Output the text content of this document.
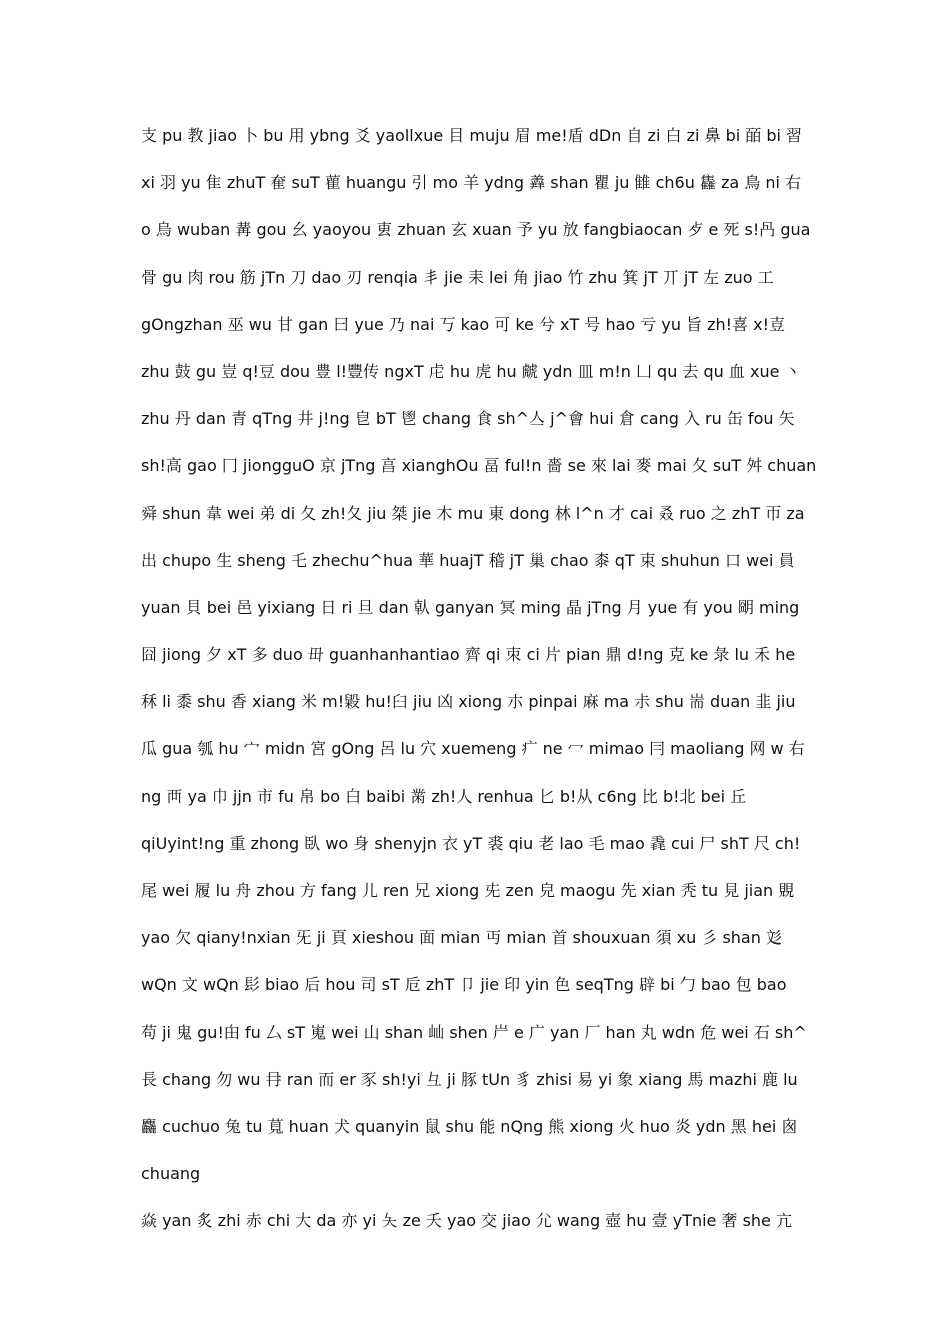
支 pu 教 jiao 卜 bu 用 ybng 爻 yaollxue 目 muju 眉 me!盾 dDn 自 zi 白 zi 鼻 bi 皕 bi 習
xi 羽 yu 隹 zhuT 奞 suT 雚 huangu 引 mo 羊 ydng 羴 shan 瞿 ju 雔 ch6u 雥 za 鳥 ni 右
o 烏 wuban 冓 gou 幺 yaoyou 叀 zhuan 玄 xuan 予 yu 放 fangbiaocan 歺 e 死 s!冎 gua
骨 gu 肉 rou 筋 jTn 刀 dao 刃 renqia 丯 jie 耒 lei 角 jiao 竹 zhu 箕 jT 丌 jT 左 zuo 工
gOngzhan 巫 wu 甘 gan 曰 yue 乃 nai 丂 kao 可 ke 兮 xT 号 hao 亏 yu 旨 zh!喜 x!壴
zhu 鼓 gu 豈 q!豆 dou 豊 l!豐传 ngxT 虍 hu 虎 hu 虤 ydn 皿 m!n 凵 qu 去 qu 血 xue 丶
zhu 丹 dan 青 qTng 井 j!ng 皀 bT 鬯 chang 食 sh^亼 j^會 hui 倉 cang 入 ru 缶 fou 矢
sh!高 gao 冂 jiongguO 京 jTng 亯 xianghOu 畐 ful!n 嗇 se 來 lai 麥 mai 夂 suT 舛 chuan
舜 shun 韋 wei 弟 di 夂 zh!夂 jiu 桀 jie 木 mu 東 dong 林 l^n 才 cai 叒 ruo 之 zhT 帀 za
出 chupo 生 sheng 乇 zhechu^hua 華 huajT 稽 jT 巢 chao 桼 qT 束 shuhun 口 wei 員
yuan 貝 bei 邑 yixiang 日 ri 旦 dan 倝 ganyan 冥 ming 晶 jTng 月 yue 有 you 朙 ming
囧 jiong 夕 xT 多 duo 毌 guanhanhantiao 齊 qi 朿 ci 片 pian 鼎 d!ng 克 ke 彔 lu 禾 he
秝 li 黍 shu 香 xiang 米 m!毇 hu!臼 jiu 凶 xiong 朩 pinpai 麻 ma 尗 shu 耑 duan 韭 jiu
瓜 gua 瓠 hu 宀 midn 宮 gOng 呂 lu 穴 xuemeng 疒 ne 冖 mimao 冃 maoliang 网 w 右
ng 襾 ya 巾 jjn 市 fu 帛 bo 白 baibi 黹 zh!人 renhua 匕 b!从 c6ng 比 b!北 bei 丘
qiUyint!ng 重 zhong 臥 wo 身 shenyjn 衣 yT 裘 qiu 老 lao 毛 mao 毳 cui 尸 shT 尺 ch!
尾 wei 履 lu 舟 zhou 方 fang 儿 ren 兄 xiong 兂 zen 皃 maogu 先 xian 秃 tu 見 jian 覞
yao 欠 qiany!nxian 旡 ji 頁 xieshou 面 mian 丏 mian 首 shouxuan 須 xu 彡 shan 彣
wQn 文 wQn 髟 biao 后 hou 司 sT 卮 zhT 卩 jie 印 yin 色 seqTng 辟 bi 勹 bao 包 bao
苟 ji 鬼 gu!甶 fu 厶 sT 嵬 wei 山 shan 屾 shen 屵 e 广 yan 厂 han 丸 wdn 危 wei 石 sh^
長 chang 勿 wu 冄 ran 而 er 豕 sh!yi 彑 ji 豚 tUn 豸 zhisi 易 yi 象 xiang 馬 mazhi 鹿 lu
麤 cuchuo 兔 tu 萈 huan 犬 quanyin 鼠 shu 能 nQng 熊 xiong 火 huo 炎 ydn 黑 hei 囪
chuang
焱 yan 炙 zhi 赤 chi 大 da 亦 yi 夨 ze 夭 yao 交 jiao 尣 wang 壺 hu 壹 yTnie 奢 she 亢
